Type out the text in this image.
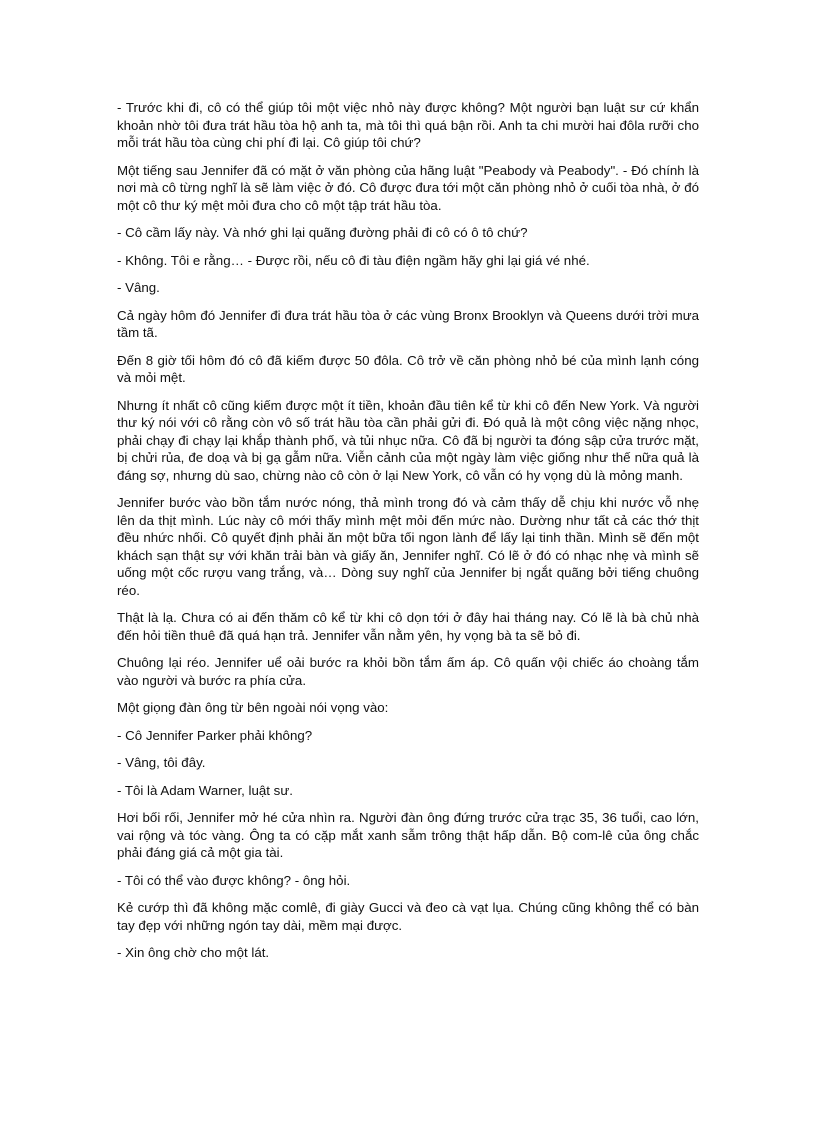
- Trước khi đi, cô có thể giúp tôi một việc nhỏ này được không? Một người bạn luật sư cứ khẩn khoản nhờ tôi đưa trát hầu tòa hộ anh ta, mà tôi thì quá bận rồi. Anh ta chi mười hai đôla rưỡi cho mỗi trát hầu tòa cùng chi phí đi lại. Cô giúp tôi chứ?

Một tiếng sau Jennifer đã có mặt ở văn phòng của hãng luật "Peabody và Peabody". - Đó chính là nơi mà cô từng nghĩ là sẽ làm việc ở đó. Cô được đưa tới một căn phòng nhỏ ở cuối tòa nhà, ở đó một cô thư ký mệt mỏi đưa cho cô một tập trát hầu tòa.

- Cô cầm lấy này. Và nhớ ghi lại quãng đường phải đi cô có ô tô chứ?

- Không. Tôi e rằng… - Được rồi, nếu cô đi tàu điện ngầm hãy ghi lại giá vé nhé.

- Vâng.

Cả ngày hôm đó Jennifer đi đưa trát hầu tòa ở các vùng Bronx Brooklyn và Queens dưới trời mưa tầm tã.

Đến 8 giờ tối hôm đó cô đã kiếm được 50 đôla. Cô trở về căn phòng nhỏ bé của mình lạnh cóng và mỏi mệt.

Nhưng ít nhất cô cũng kiếm được một ít tiền, khoản đầu tiên kể từ khi cô đến New York. Và người thư ký nói với cô rằng còn vô số trát hầu tòa cần phải gửi đi. Đó quả là một công việc nặng nhọc, phải chạy đi chạy lại khắp thành phố, và tủi nhục nữa. Cô đã bị người ta đóng sập cửa trước mặt, bị chửi rủa, đe doạ và bị gạ gẫm nữa. Viễn cảnh của một ngày làm việc giống như thế nữa quả là đáng sợ, nhưng dù sao, chừng nào cô còn ở lại New York, cô vẫn có hy vọng dù là mỏng manh.

Jennifer bước vào bồn tắm nước nóng, thả mình trong đó và cảm thấy dễ chịu khi nước vỗ nhẹ lên da thịt mình. Lúc này cô mới thấy mình mệt mỏi đến mức nào. Dường như tất cả các thớ thịt đều nhức nhối. Cô quyết định phải ăn một bữa tối ngon lành để lấy lại tinh thần. Mình sẽ đến một khách sạn thật sự với khăn trải bàn và giấy ăn, Jennifer nghĩ. Có lẽ ở đó có nhạc nhẹ và mình sẽ uống một cốc rượu vang trắng, và… Dòng suy nghĩ của Jennifer bị ngắt quãng bởi tiếng chuông réo.

Thật là lạ. Chưa có ai đến thăm cô kể từ khi cô dọn tới ở đây hai tháng nay. Có lẽ là bà chủ nhà đến hỏi tiền thuê đã quá hạn trả. Jennifer vẫn nằm yên, hy vọng bà ta sẽ bỏ đi.

Chuông lại réo. Jennifer uể oải bước ra khỏi bồn tắm ấm áp. Cô quấn vội chiếc áo choàng tắm vào người và bước ra phía cửa.

Một giọng đàn ông từ bên ngoài nói vọng vào:

- Cô Jennifer Parker phải không?

- Vâng, tôi đây.

- Tôi là Adam Warner, luật sư.

Hơi bối rối, Jennifer mở hé cửa nhìn ra. Người đàn ông đứng trước cửa trạc 35, 36 tuổi, cao lớn, vai rộng và tóc vàng. Ông ta có cặp mắt xanh sẫm trông thật hấp dẫn. Bộ com-lê của ông chắc phải đáng giá cả một gia tài.

- Tôi có thể vào được không? - ông hỏi.

Kẻ cướp thì đã không mặc comlê, đi giày Gucci và đeo cà vạt lụa. Chúng cũng không thể có bàn tay đẹp với những ngón tay dài, mềm mại được.

- Xin ông chờ cho một lát.
